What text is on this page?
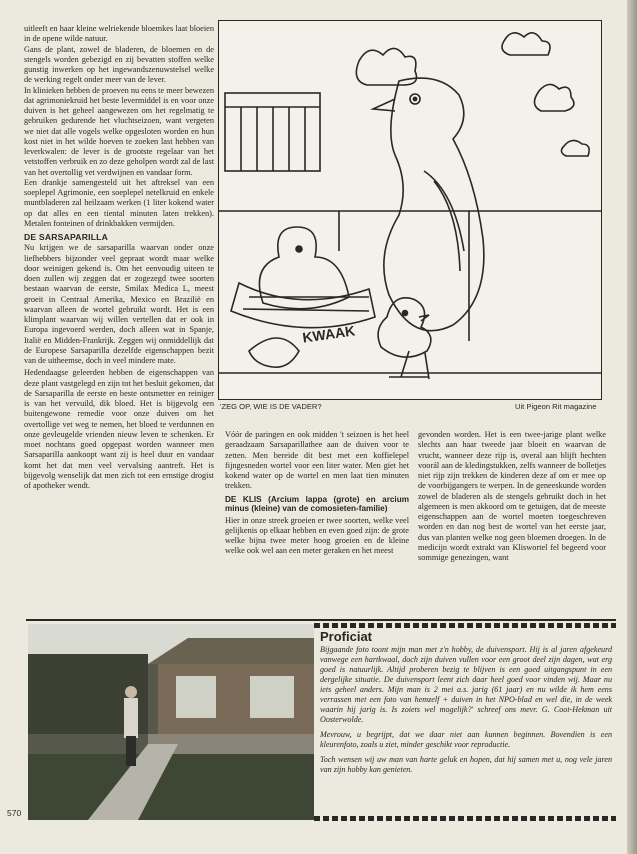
uitleeft en haar kleine welriekende bloemkes laat bloeien in de opene wilde natuur.

Gans de plant, zowel de bladeren, de bloemen en de stengels worden gebezigd en zij bevatten stoffen welke gunstig inwerken op het ingewandszenuwstelsel welke de werking regelt onder meer van de lever.

In klinieken hebben de proeven nu eens te meer bewezen dat agrimoniekruid het beste levermiddel is en voor onze duiven is het geheel aangewezen om het regelmatig te gebruiken gedurende het vluchtseizoen, want vergeten we niet dat alle vogels welke opgesloten worden en hun kost niet in het wilde hoeven te zoeken last hebben van leverkwalen: de lever is de grootste regelaar van het vetstoffen verbruik en zo deze geholpen wordt zal de last van het overtollig vet verdwijnen en vandaar form.

Een drankje samengesteld uit het aftreksel van een soeplepel Agrimonie, een soeplepel netelkruid en enkele muntbladeren zal heilzaam werken (1 liter kokend water op dat alles en een tiental minuten laten trekken). Metalen fonteinen of drinkbakken vermijden.

DE SARSAPARILLA

Nu krijgen we de sarsaparilla waarvan onder onze liefhebbers bijzonder veel gepraat wordt maar welke door weinigen gekend is. Om het eenvoudig uiteen te doen zullen wij zeggen dat er zogezegd twee soorten bestaan waarvan de eerste, Smilax Medica L, meest groeit in Centraal Amerika, Mexico en Brazilië en waarvan alleen de wortel gebruikt wordt. Het is een klimplant waarvan wij willen vertellen dat er ook in Europa ingevoerd werden, doch alleen wat in Spanje, Italië en Midden-Frankrijk. Zeggen wij onmiddellijk dat de Europese Sarsaparilla dezelfde eigenschappen bezit van de uitheemse, doch in veel mindere mate.

Hedendaagse geleerden hebben de eigenschappen van deze plant vastgelegd en zijn tot het besluit gekomen, dat de Sarsaparilla de eerste en beste ontsmetter en reiniger is van het vervuild, dik bloed. Het is bijgevolg een buitengewone remedie voor onze duiven om het overtollige vet weg te nemen, het bloed te verdunnen en onze gevleugelde vrienden nieuw leven te schenken. Er moet nochtans goed opgepast worden wanneer men Sarsaparilla aankoopt want zij is heel duur en vandaar komt het dat men veel vervalsing aantreft. Het is bijgevolg wenselijk dat men zich tot een ernstige drogist of apotheker wendt.

KWAAK
'ZEG OP, WIE IS DE VADER?	Uit Pigeon Rit magazine

Vóór de paringen en ook midden 't seizoen is het heel geraadzaam Sarsaparillathee aan de duiven voor te zetten. Men bereide dit best met een koffielepel fijngesneden wortel voor een liter water. Men giet het kokend water op de wortel en men laat tien minuten trekken.

DE KLIS (Arcium lappa (grote) en arcium minus (kleine) van de comosieten-familie)

Hier in onze streek groeien er twee soorten, welke veel gelijkenis op elkaar hebben en even goed zijn: de grote welke bijna twee meter hoog groeien en de kleine welke ook wel aan een meter geraken en het meest

gevonden worden. Het is een twee-jarige plant welke slechts aan haar tweede jaar bloeit en waarvan de vrucht, wanneer deze rijp is, overal aan blijft hechten voorál aan de kledingstukken, zelfs wanneer de bolletjes niet rijp zijn trekken de kinderen deze af om er mee op de voorbijgangers te werpen. In de geneeskunde worden zowel de bladeren als de stengels gebruikt doch in het algemeen is men akkoord om te getuigen, dat de meeste eigenschappen aan de wortel moeten toegeschreven worden en dan nog best de wortel van het eerste jaar, dus van planten welke nog geen bloemen droegen. In de medicijn wordt extrakt van Kliswortel fel begeerd voor sommige genezingen, want

Proficiat

Bijgaande foto toont mijn man met z'n hobby, de duivensport. Hij is al jaren afgekeurd vanwege een hartkwaal, doch zijn duiven vullen voor een groot deel zijn dagen, wat erg goed is natuurlijk. Altijd proberen bezig te blijven is een goed uitgangspunt in een dergelijke situatie. De duivensport leent zich daar heel goed voor vinden wij. Maar nu iets geheel anders. Mijn man is 2 mei a.s. jarig (61 jaar) en nu wilde ik hem eens verrassen met een foto van hemzelf + duiven in het NPO-blad en wel die, in de week waarin hij jarig is. Is zoiets wel mogelijk?' schreef ons mevr. G. Coot-Hekman uit Oosterwolde.

Mevrouw, u begrijpt, dat we daar niet aan kunnen beginnen. Bovendien is een kleurenfoto, zoals u ziet, minder geschikt voor reproductie.

Toch wensen wij uw man van harte geluk en hopen, dat hij samen met u, nog vele jaren van zijn hobby kan genieten.

570
